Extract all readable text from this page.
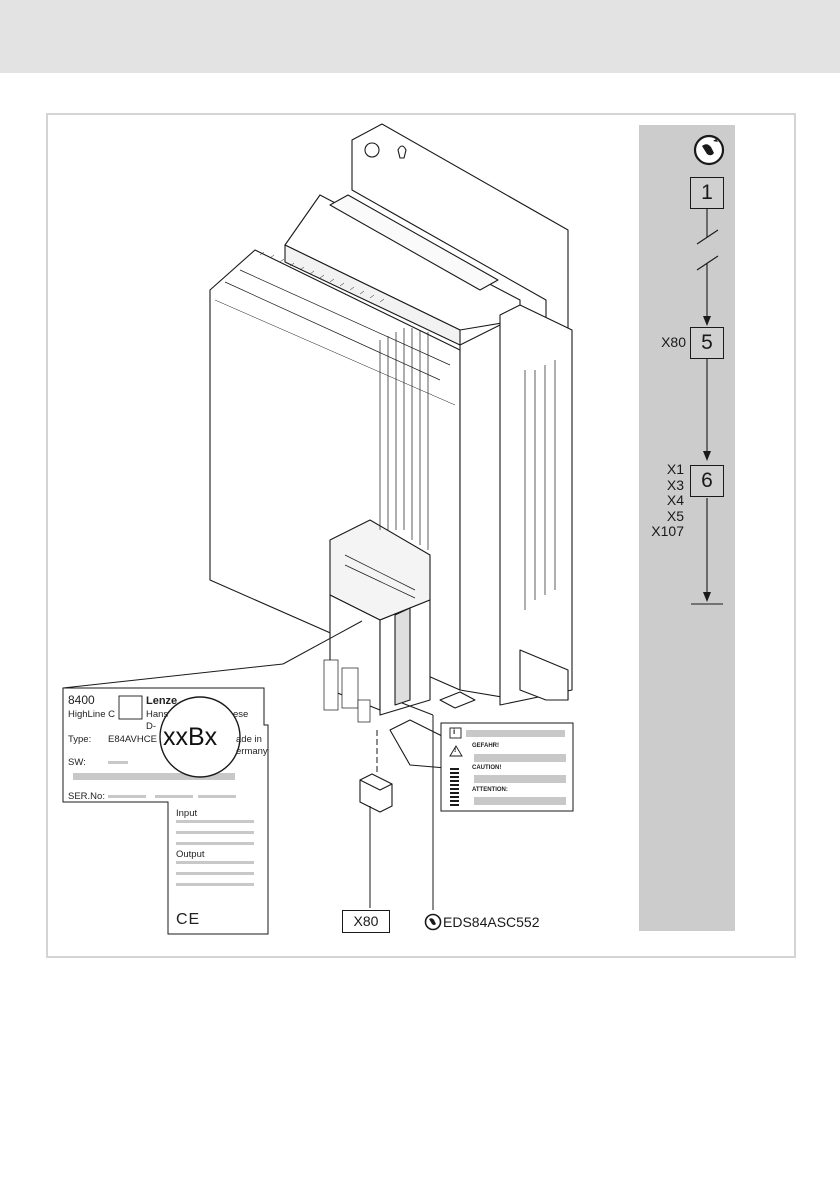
8400
HighLine C
Lenze
Hans
D-
ese
Type: E84AVHCE	ade in
ermany
xxBx
SW:
SER.No:
Input
Output
CE
i
!
GEFAHR!
CAUTION!
ATTENTION:
X80	EDS84ASC552
1
5
6
X80
X1
X3
X4
X5
X107
